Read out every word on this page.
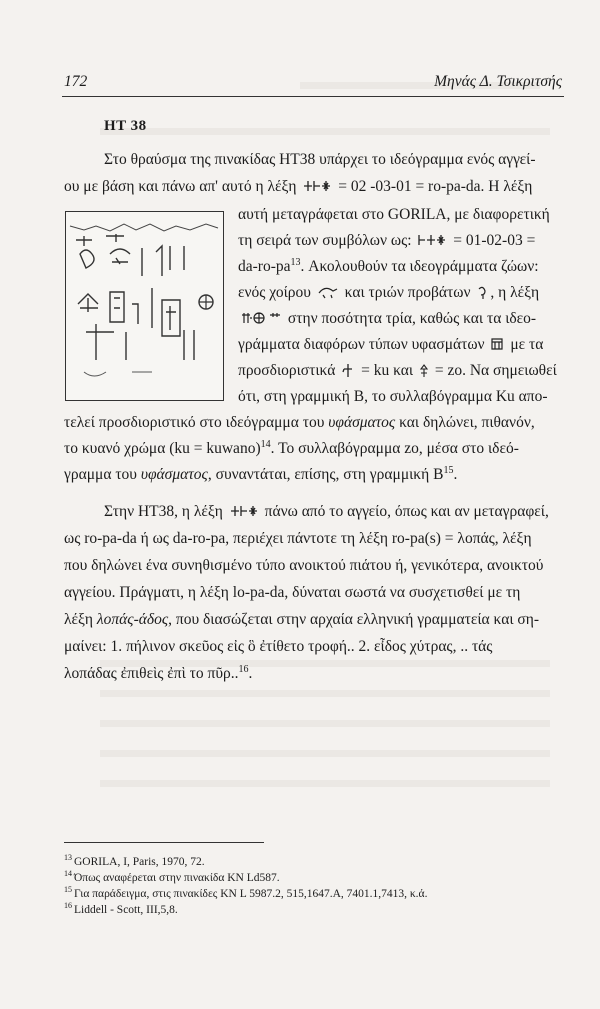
172	Μηνάς Δ. Τσικριτσής
HT 38
Στο θραύσμα της πινακίδας HT38 υπάρχει το ιδεόγραμμα ενός αγγεί-
ου με βάση και πάνω απ' αυτό η λέξη	= 02 -03-01 = ro-pa-da. Η λέξη
αυτή μεταγράφεται στο GORILA, με διαφορετική
τη σειρά των συμβόλων ως:	= 01-02-03 =
$da-ro-pa^{13}$. Ακολουθούν τα ιδεογράμματα ζώων:
ενός χοίρου και τριών προβάτων , η λέξη
στην ποσότητα τρία, καθώς και τα ιδεο-
γράμματα διαφόρων τύπων υφασμάτων με τα
προσδιοριστικά = ku και = zo. Να σημειωθεί
ότι, στη γραμμική Β, το συλλαβόγραμμα Ku απο-
τελεί προσδιοριστικό στο ιδεόγραμμα του υφάσματος και δηλώνει, πιθανόν,
το κυανό χρώμα (ku = kuwano)$^{14}$. Το συλλαβόγραμμα zo, μέσα στο ιδεό-
γραμμα του υφάσματος, συναντάται, επίσης, στη γραμμική $B^{15}$.
Στην HT38, η λέξη	πάνω από το αγγείο, όπως και αν μεταγραφεί,
ως ro-pa-da ή ως da-ro-pa, περιέχει πάντοτε τη λέξη ro-pa(s) = λοπάς, λέξη
που δηλώνει ένα συνηθισμένο τύπο ανοικτού πιάτου ή, γενικότερα, ανοικτού
αγγείου. Πράγματι, η λέξη lo-pa-da, δύναται σωστά να συσχετισθεί με τη
λέξη λοπάς-άδος, που διασώζεται στην αρχαία ελληνική γραμματεία και ση-
μαίνει: 1. πήλινον σκεῦος εἰς ὃ ἐτίθετο τροφή.. 2. εἶδος χύτρας, .. τάς
λοπάδας ἐπιθεὶς ἐπὶ το πῦρ..$^{16}$.
$^{13}$ GORILA, I, Paris, 1970, 72.
$^{14}$ Όπως αναφέρεται στην πινακίδα KN Ld587.
$^{15}$ Για παράδειγμα, στις πινακίδες KN L 5987.2, 515,1647.A, 7401.1,7413, κ.ά.
$^{16}$ Liddell - Scott, III,5,8.
